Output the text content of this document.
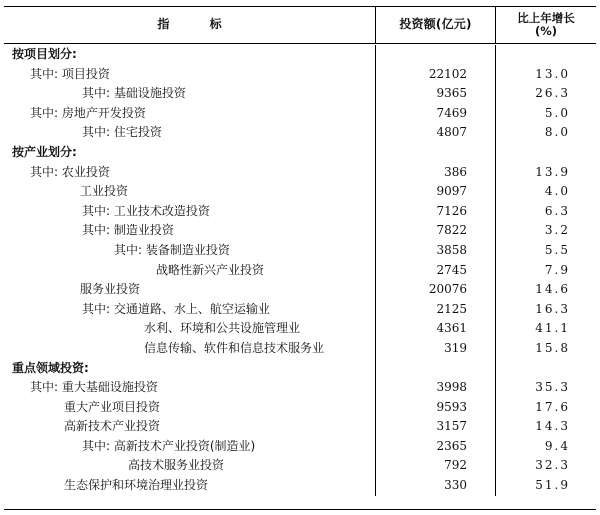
指 标	投资额(亿元)	比上年增长
(%)
按项目划分:
其中: 项目投资	22102	13.0
其中: 基础设施投资	9365	26.3
其中: 房地产开发投资	7469	5.0
其中: 住宅投资	4807	8.0
按产业划分:
其中: 农业投资	386	13.9
工业投资	9097	4.0
其中: 工业技术改造投资	7126	6.3
其中: 制造业投资	7822	3.2
其中: 装备制造业投资	3858	5.5
战略性新兴产业投资	2745	7.9
服务业投资	20076	14.6
其中: 交通道路、水上、航空运输业	2125	16.3
水利、环境和公共设施管理业	4361	41.1
信息传输、软件和信息技术服务业	319	15.8
重点领域投资:
其中: 重大基础设施投资	3998	35.3
重大产业项目投资	9593	17.6
高新技术产业投资	3157	14.3
其中: 高新技术产业投资(制造业)	2365	9.4
高技术服务业投资	792	32.3
生态保护和环境治理业投资	330	51.9
